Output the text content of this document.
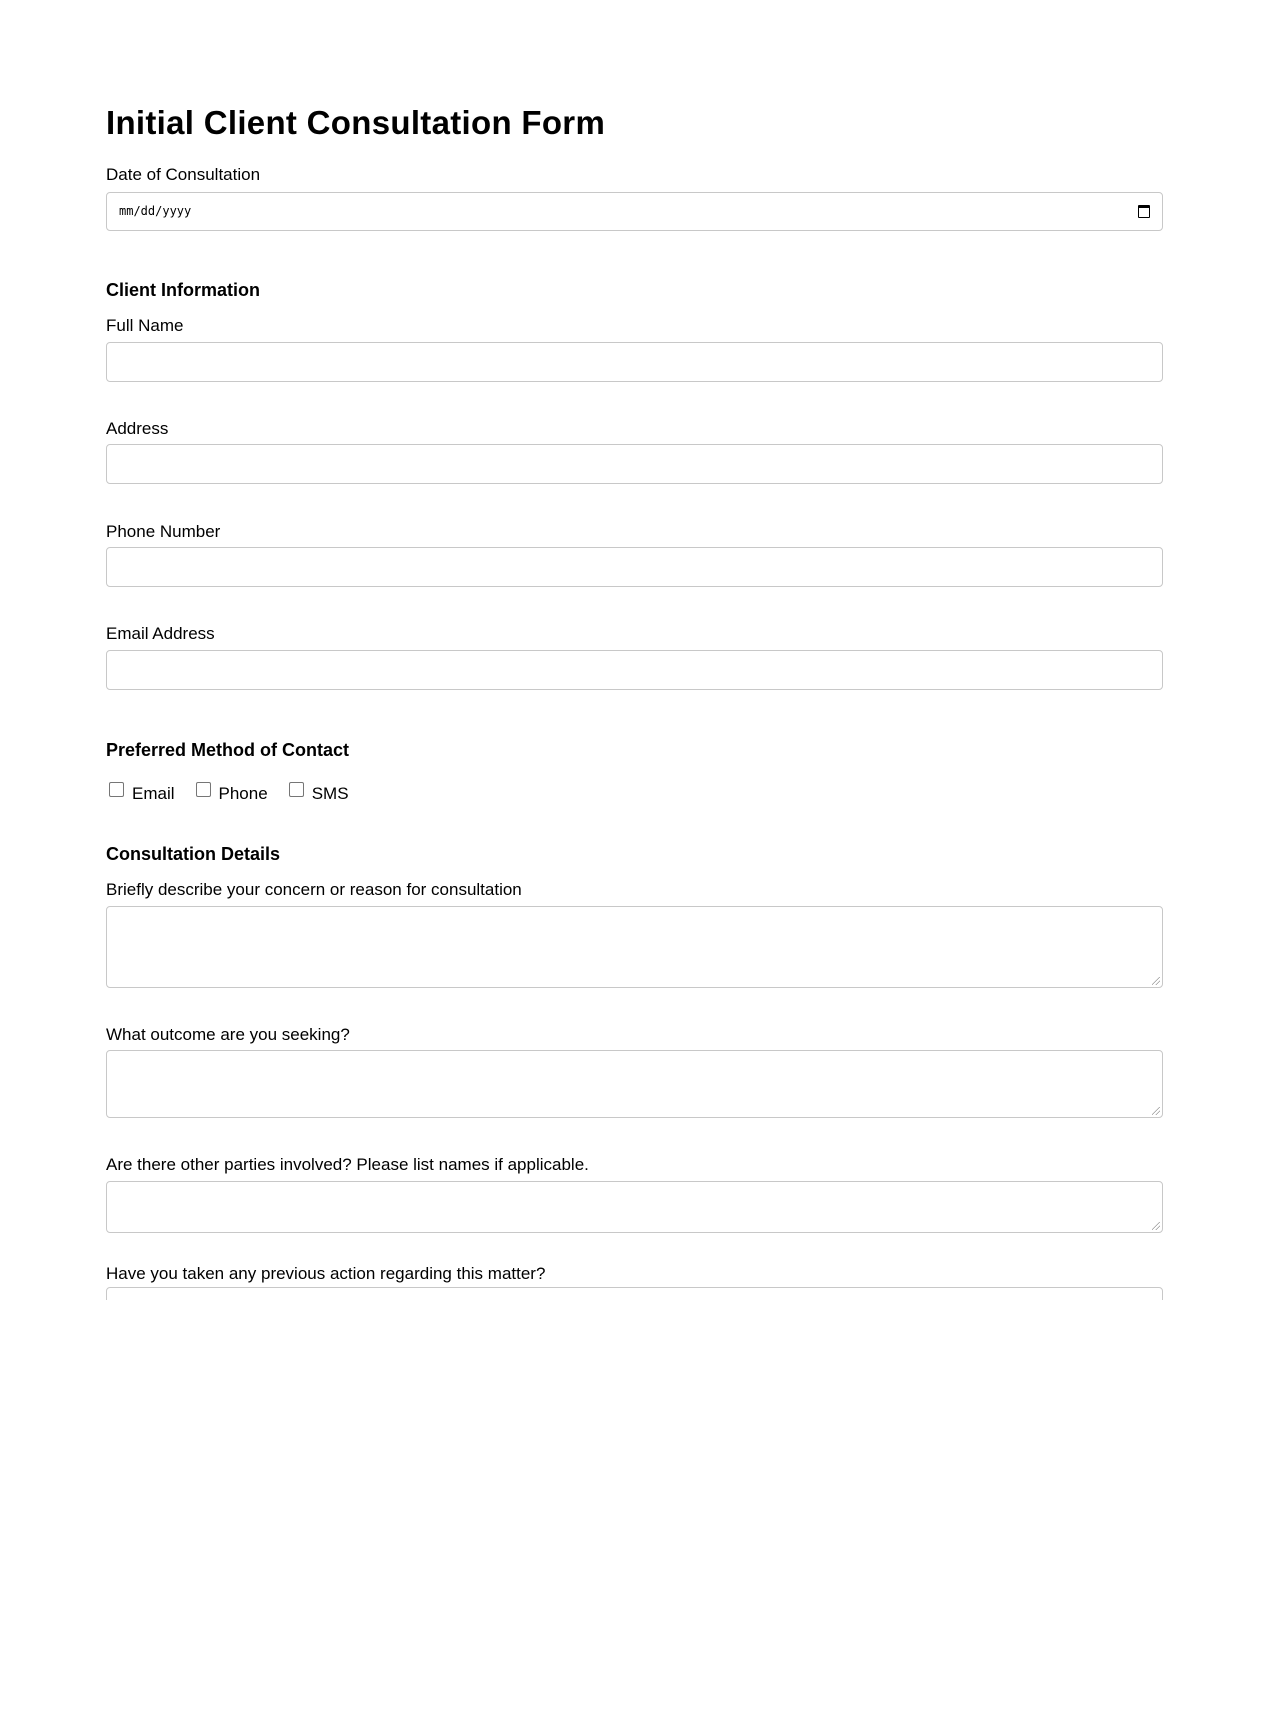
Initial Client Consultation Form
Date of Consultation
mm/dd/yyyy
Client Information
Full Name
Address
Phone Number
Email Address
Preferred Method of Contact
Email	Phone	SMS
Consultation Details
Briefly describe your concern or reason for consultation
What outcome are you seeking?
Are there other parties involved? Please list names if applicable.
Have you taken any previous action regarding this matter?
